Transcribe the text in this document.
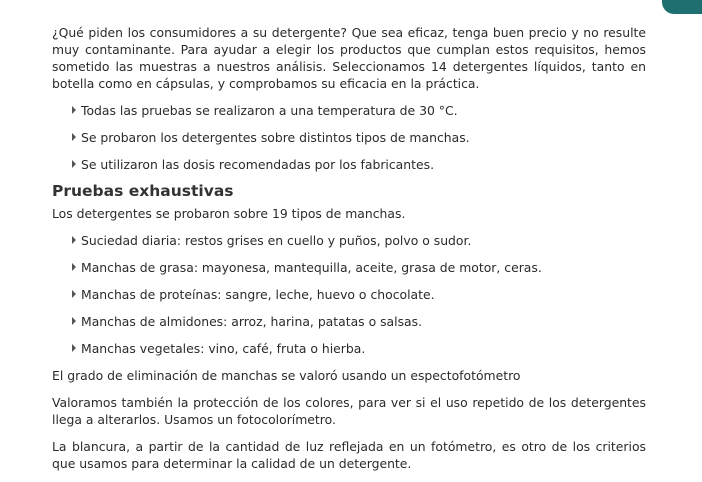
¿Qué piden los consumidores a su detergente? Que sea eficaz, tenga buen precio y no resulte muy contaminante. Para ayudar a elegir los productos que cumplan estos requisitos, hemos sometido las muestras a nuestros análisis. Seleccionamos 14 detergentes líquidos, tanto en botella como en cápsulas, y comprobamos su eficacia en la práctica.

Todas las pruebas se realizaron a una temperatura de 30 °C.
Se probaron los detergentes sobre distintos tipos de manchas.
Se utilizaron las dosis recomendadas por los fabricantes.
Pruebas exhaustivas

Los detergentes se probaron sobre 19 tipos de manchas.

Suciedad diaria: restos grises en cuello y puños, polvo o sudor.
Manchas de grasa: mayonesa, mantequilla, aceite, grasa de motor, ceras.
Manchas de proteínas: sangre, leche, huevo o chocolate.
Manchas de almidones: arroz, harina, patatas o salsas.
Manchas vegetales: vino, café, fruta o hierba.

El grado de eliminación de manchas se valoró usando un espectofotómetro

Valoramos también la protección de los colores, para ver si el uso repetido de los detergentes llega a alterarlos. Usamos un fotocolorímetro.

La blancura, a partir de la cantidad de luz reflejada en un fotómetro, es otro de los criterios que usamos para determinar la calidad de un detergente.
